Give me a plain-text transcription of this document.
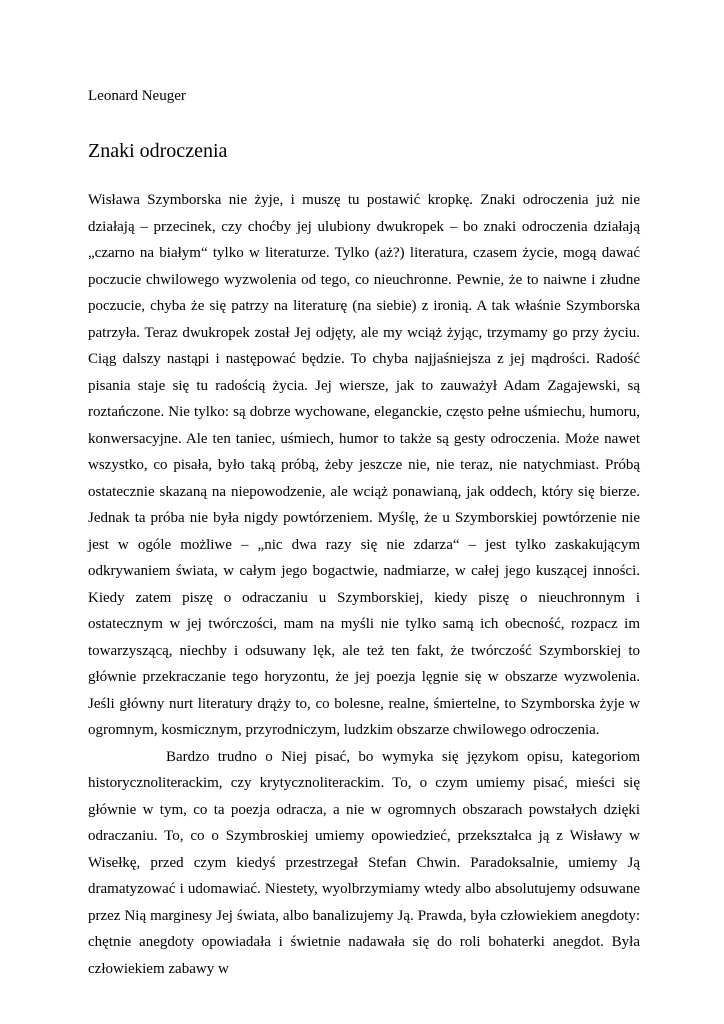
Leonard Neuger

Znaki odroczenia

Wisława Szymborska nie żyje, i muszę tu postawić kropkę. Znaki odroczenia już nie działają – przecinek, czy choćby jej ulubiony dwukropek – bo znaki odroczenia działają „czarno na białym“ tylko w literaturze. Tylko (aż?) literatura, czasem życie, mogą dawać poczucie chwilowego wyzwolenia od tego, co nieuchronne. Pewnie, że to naiwne i złudne poczucie, chyba że się patrzy na literaturę (na siebie) z ironią. A tak właśnie Szymborska patrzyła. Teraz dwukropek został Jej odjęty, ale my wciąż żyjąc, trzymamy go przy życiu. Ciąg dalszy nastąpi i następować będzie. To chyba najjaśniejsza z jej mądrości. Radość pisania staje się tu radością życia. Jej wiersze, jak to zauważył Adam Zagajewski, są roztańczone. Nie tylko: są dobrze wychowane, eleganckie, często pełne uśmiechu, humoru, konwersacyjne. Ale ten taniec, uśmiech, humor to także są gesty odroczenia. Może nawet wszystko, co pisała, było taką próbą, żeby jeszcze nie, nie teraz, nie natychmiast. Próbą ostatecznie skazaną na niepowodzenie, ale wciąż ponawianą, jak oddech, który się bierze. Jednak ta próba nie była nigdy powtórzeniem. Myślę, że u Szymborskiej powtórzenie nie jest w ogóle możliwe – „nic dwa razy się nie zdarza“ – jest tylko zaskakującym odkrywaniem świata, w całym jego bogactwie, nadmiarze, w całej jego kuszącej inności. Kiedy zatem piszę o odraczaniu u Szymborskiej, kiedy piszę o nieuchronnym i ostatecznym w jej twórczości, mam na myśli nie tylko samą ich obecność, rozpacz im towarzyszącą, niechby i odsuwany lęk, ale też ten fakt, że twórczość Szymborskiej to głównie przekraczanie tego horyzontu, że jej poezja lęgnie się w obszarze wyzwolenia. Jeśli główny nurt literatury drąży to, co bolesne, realne, śmiertelne, to Szymborska żyje w ogromnym, kosmicznym, przyrodniczym, ludzkim obszarze chwilowego odroczenia.

Bardzo trudno o Niej pisać, bo wymyka się językom opisu, kategoriom historycznoliterackim, czy krytycznoliterackim. To, o czym umiemy pisać, mieści się głównie w tym, co ta poezja odracza, a nie w ogromnych obszarach powstałych dzięki odraczaniu. To, co o Szymbroskiej umiemy opowiedzieć, przekształca ją z Wisławy w Wisełkę, przed czym kiedyś przestrzegał Stefan Chwin. Paradoksalnie, umiemy Ją dramatyzować i udomawiać. Niestety, wyolbrzymiamy wtedy albo absolutujemy odsuwane przez Nią marginesy Jej świata, albo banalizujemy Ją. Prawda, była człowiekiem anegdoty: chętnie anegdoty opowiadała i świetnie nadawała się do roli bohaterki anegdot. Była człowiekiem zabawy w
